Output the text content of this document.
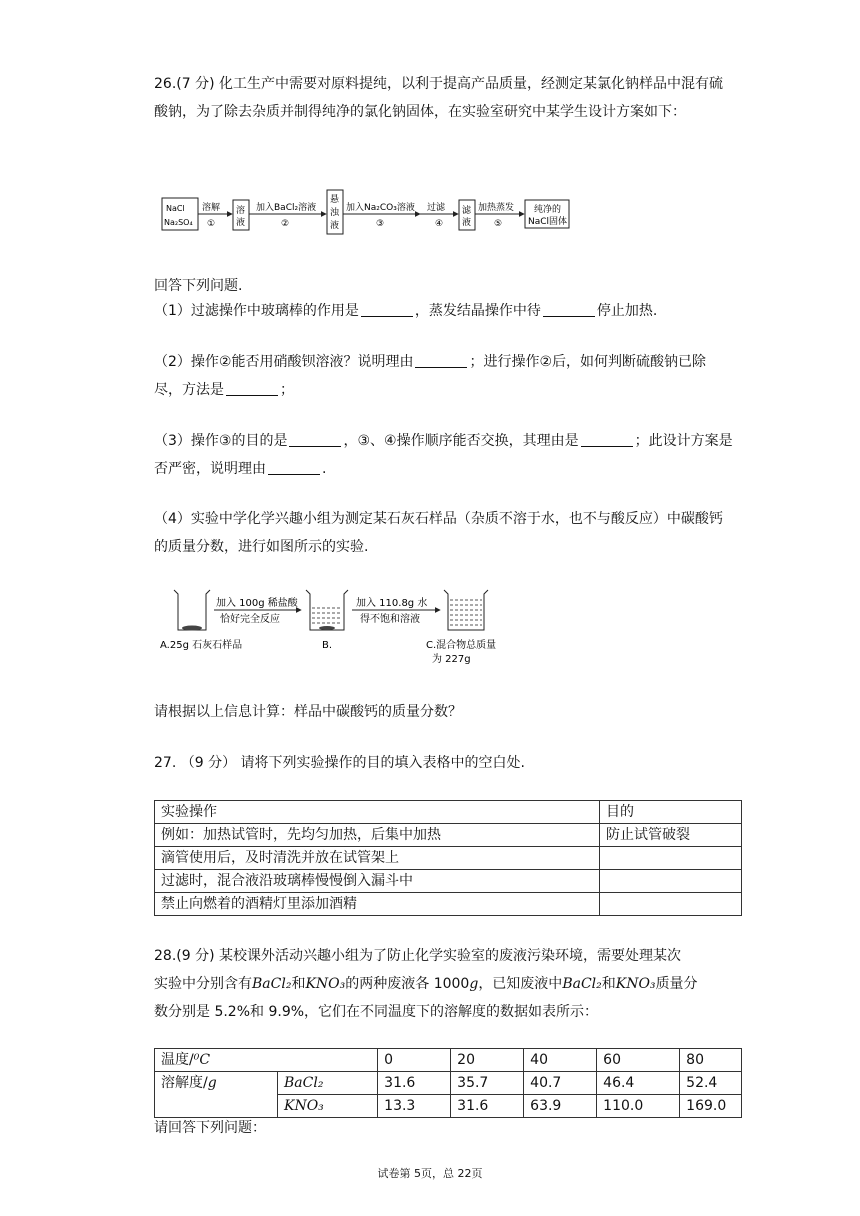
26.(7 分) 化工生产中需要对原料提纯，以利于提高产品质量，经测定某氯化钠样品中混有硫酸钠，为了除去杂质并制得纯净的氯化钠固体，在实验室研究中某学生设计方案如下：

NaCl
Na₂SO₄
溶解
①
溶
液
加入BaCl₂溶液
②
悬
浊
液
加入Na₂CO₃溶液
③
过滤
④
滤
液
加热蒸发
⑤
纯净的
NaCl固体

回答下列问题.

（1）过滤操作中玻璃棒的作用是	，蒸发结晶操作中待	停止加热.

（2）操作②能否用硝酸钡溶液？说明理由	；进行操作②后，如何判断硫酸钠已除尽，方法是	；

（3）操作③的目的是	，③、④操作顺序能否交换，其理由是	；此设计方案是否严密，说明理由	.

（4）实验中学化学兴趣小组为测定某石灰石样品（杂质不溶于水，也不与酸反应）中碳酸钙的质量分数，进行如图所示的实验.

A.25g 石灰石样品
加入 100g 稀盐酸
恰好完全反应
B.
加入 110.8g 水
得不饱和溶液
C.混合物总质量
为 227g

请根据以上信息计算：样品中碳酸钙的质量分数？

27. （9 分） 请将下列实验操作的目的填入表格中的空白处.

实验操作	目的
例如：加热试管时，先均匀加热，后集中加热	防止试管破裂
滴管使用后，及时清洗并放在试管架上	
过滤时，混合液沿玻璃棒慢慢倒入漏斗中	
禁止向燃着的酒精灯里添加酒精	

28.(9 分) 某校课外活动兴趣小组为了防止化学实验室的废液污染环境，需要处理某次

实验中分别含有BaCl₂和KNO₃的两种废液各 1000g，已知废液中BaCl₂和KNO₃质量分

数分别是 5.2%和 9.9%，它们在不同温度下的溶解度的数据如表所示：

温度/⁰C		0	20	40	60	80
溶解度/g	BaCl₂	31.6	35.7	40.7	46.4	52.4
	KNO₃	13.3	31.6	63.9	110.0	169.0

请回答下列问题：

试卷第 5页，总 22页
